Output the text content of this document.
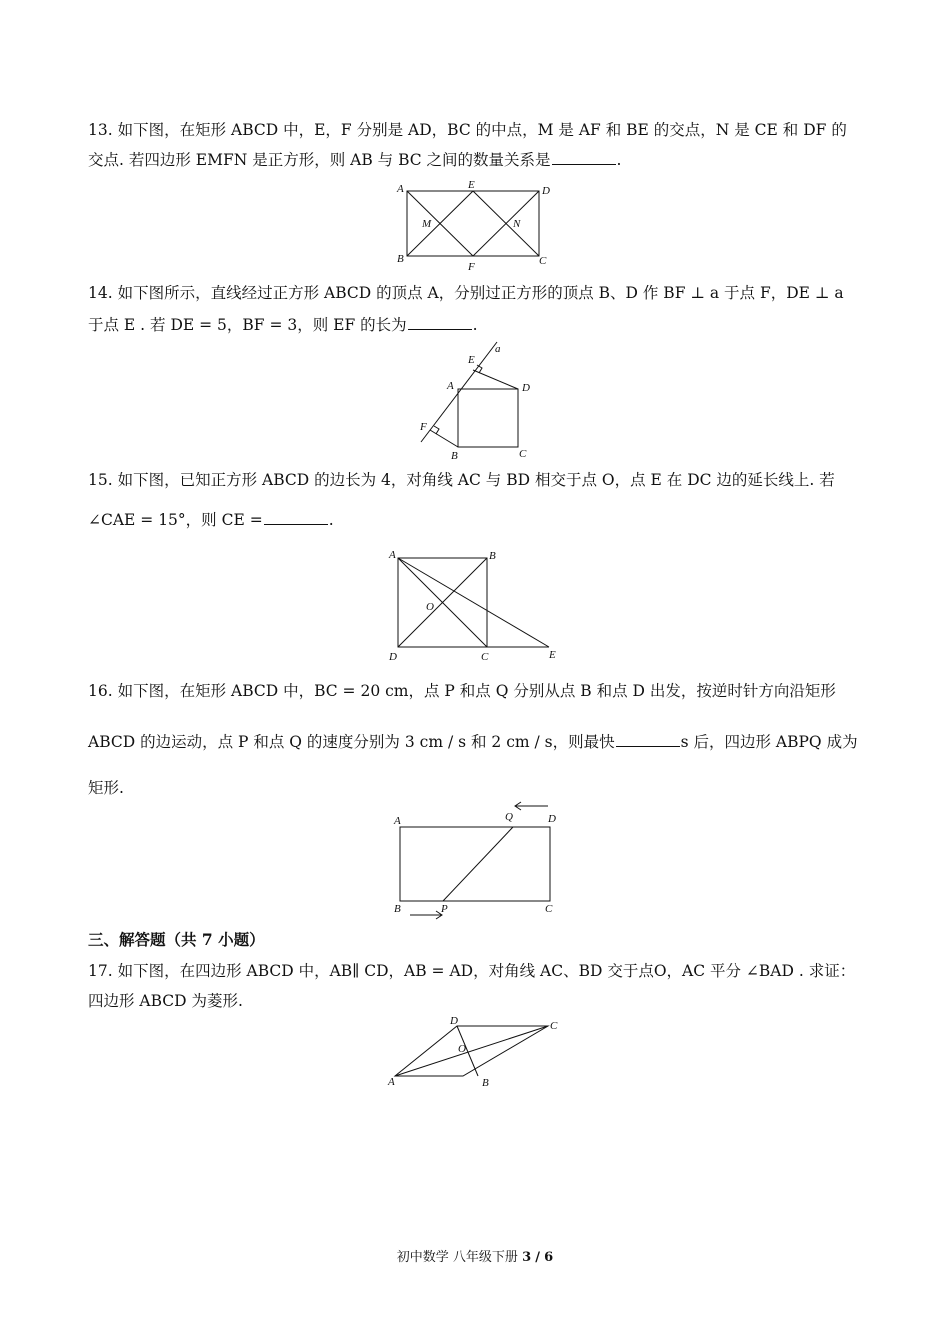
13. 如下图，在矩形 ABCD 中，E，F 分别是 AD，BC 的中点，M 是 AF 和 BE 的交点，N 是 CE 和 DF 的
交点. 若四边形 EMFN 是正方形，则 AB 与 BC 之间的数量关系是	.
A	E	D
M	N
B
F	C
14. 如下图所示，直线经过正方形 ABCD 的顶点 A，分别过正方形的顶点 B、D 作 BF ⊥ a 于点 F，DE ⊥ a
于点 E . 若 DE = 5，BF = 3，则 EF 的长为	.
E
a
A	D
F
B	C
15. 如下图，已知正方形 ABCD 的边长为 4，对角线 AC 与 BD 相交于点 O，点 E 在 DC 边的延长线上. 若
∠CAE = 15°，则 CE =	.
A	B
O
D	C	E
16. 如下图，在矩形 ABCD 中，BC = 20 cm，点 P 和点 Q 分别从点 B 和点 D 出发，按逆时针方向沿矩形
ABCD 的边运动，点 P 和点 Q 的速度分别为 3 cm / s 和 2 cm / s，则最快	s 后，四边形 ABPQ 成为
矩形.
A	Q	D
B	P	C
三、解答题（共 7 小题）
17. 如下图，在四边形 ABCD 中，AB∥ CD，AB = AD，对角线 AC、BD 交于点O，AC 平分 ∠BAD . 求证：
四边形 ABCD 为菱形.
D	C
O
A	B
初中数学 八年级下册 3 / 6
